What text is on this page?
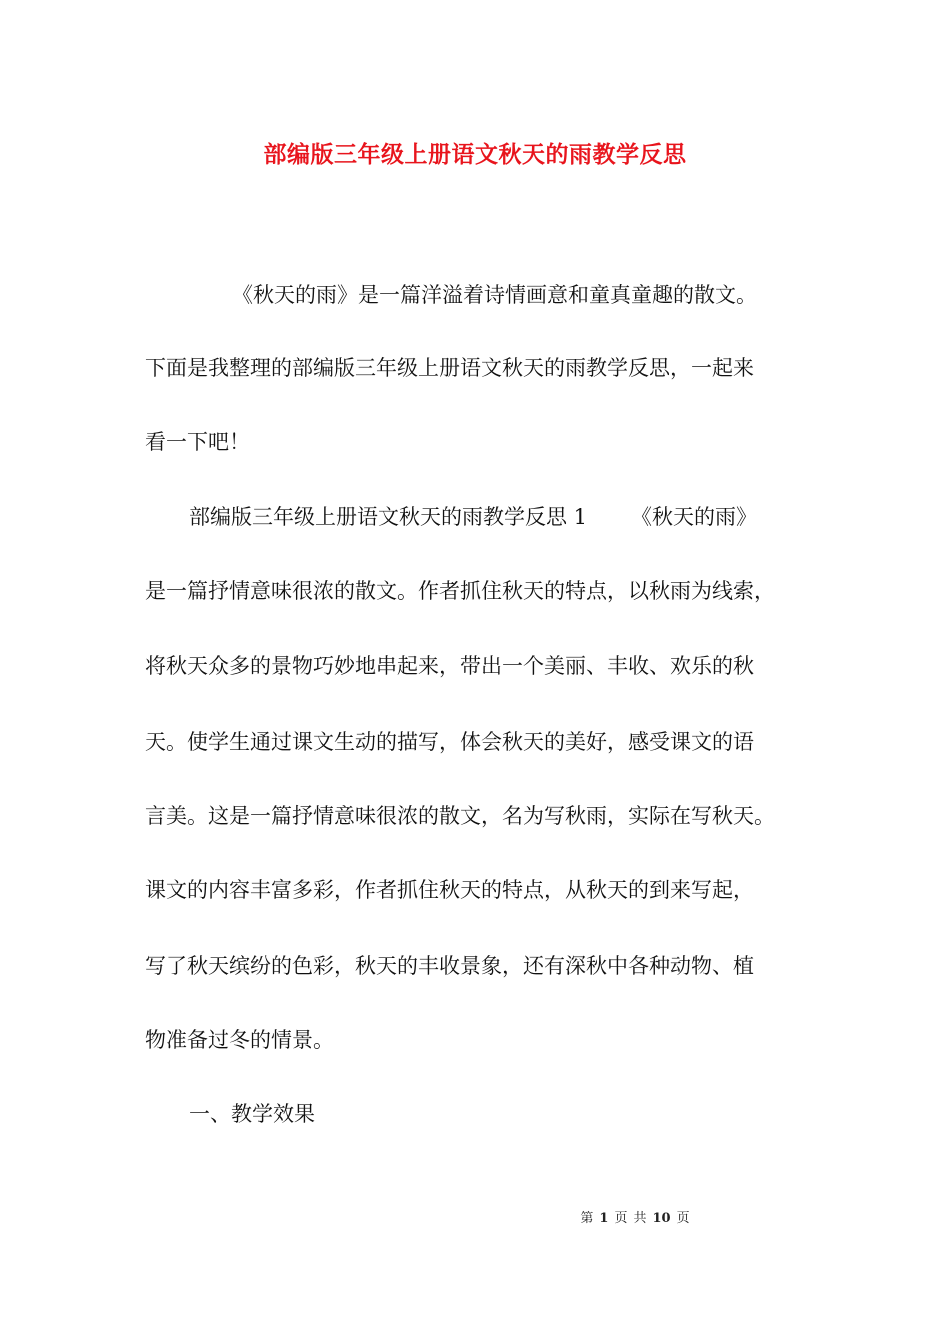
部编版三年级上册语文秋天的雨教学反思
《秋天的雨》是一篇洋溢着诗情画意和童真童趣的散文。
下面是我整理的部编版三年级上册语文秋天的雨教学反思，一起来
看一下吧！
部编版三年级上册语文秋天的雨教学反思 1 《秋天的雨》
是一篇抒情意味很浓的散文。作者抓住秋天的特点，以秋雨为线索，
将秋天众多的景物巧妙地串起来，带出一个美丽、丰收、欢乐的秋
天。使学生通过课文生动的描写，体会秋天的美好，感受课文的语
言美。这是一篇抒情意味很浓的散文，名为写秋雨，实际在写秋天。
课文的内容丰富多彩，作者抓住秋天的特点，从秋天的到来写起，
写了秋天缤纷的色彩，秋天的丰收景象，还有深秋中各种动物、植
物准备过冬的情景。
一、教学效果
第 1 页 共 10 页
